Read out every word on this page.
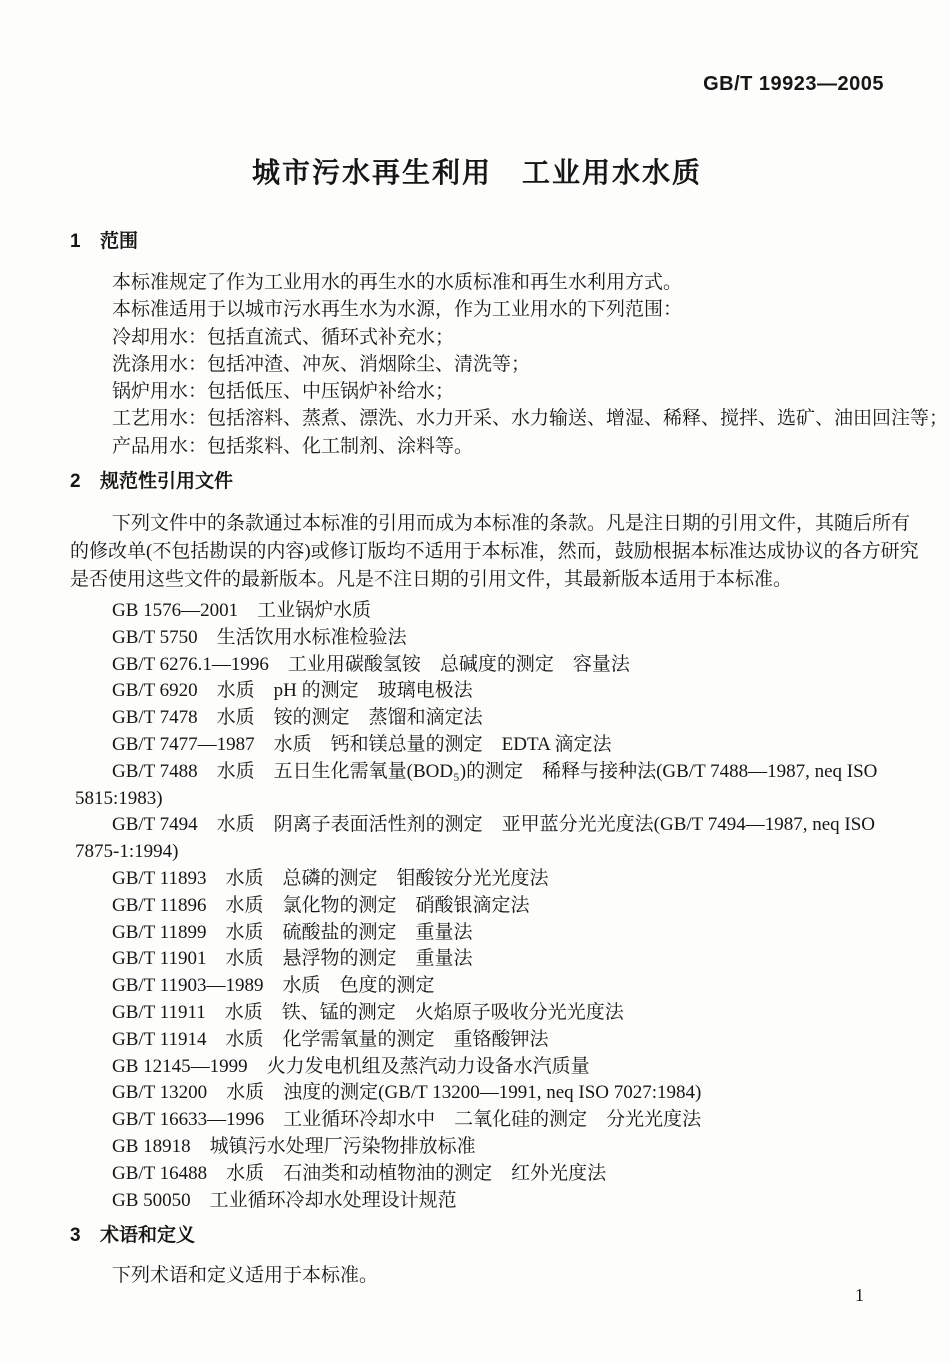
GB/T 19923—2005
城市污水再生利用　工业用水水质
1	范围
本标准规定了作为工业用水的再生水的水质标准和再生水利用方式。
本标准适用于以城市污水再生水为水源，作为工业用水的下列范围：
冷却用水：包括直流式、循环式补充水；
洗涤用水：包括冲渣、冲灰、消烟除尘、清洗等；
锅炉用水：包括低压、中压锅炉补给水；
工艺用水：包括溶料、蒸煮、漂洗、水力开采、水力输送、增湿、稀释、搅拌、选矿、油田回注等；
产品用水：包括浆料、化工制剂、涂料等。
2	规范性引用文件
下列文件中的条款通过本标准的引用而成为本标准的条款。凡是注日期的引用文件，其随后所有
的修改单(不包括勘误的内容)或修订版均不适用于本标准，然而，鼓励根据本标准达成协议的各方研究
是否使用这些文件的最新版本。凡是不注日期的引用文件，其最新版本适用于本标准。
GB 1576—2001　工业锅炉水质
GB/T 5750　生活饮用水标准检验法
GB/T 6276.1—1996　工业用碳酸氢铵　总碱度的测定　容量法
GB/T 6920　水质　pH 的测定　玻璃电极法
GB/T 7478　水质　铵的测定　蒸馏和滴定法
GB/T 7477—1987　水质　钙和镁总量的测定　EDTA 滴定法
GB/T 7488　水质　五日生化需氧量(BOD₅)的测定　稀释与接种法(GB/T 7488—1987, neq ISO
5815:1983)
GB/T 7494　水质　阴离子表面活性剂的测定　亚甲蓝分光光度法(GB/T 7494—1987, neq ISO
7875-1:1994)
GB/T 11893　水质　总磷的测定　钼酸铵分光光度法
GB/T 11896　水质　氯化物的测定　硝酸银滴定法
GB/T 11899　水质　硫酸盐的测定　重量法
GB/T 11901　水质　悬浮物的测定　重量法
GB/T 11903—1989　水质　色度的测定
GB/T 11911　水质　铁、锰的测定　火焰原子吸收分光光度法
GB/T 11914　水质　化学需氧量的测定　重铬酸钾法
GB 12145—1999　火力发电机组及蒸汽动力设备水汽质量
GB/T 13200　水质　浊度的测定(GB/T 13200—1991, neq ISO 7027:1984)
GB/T 16633—1996　工业循环冷却水中　二氧化硅的测定　分光光度法
GB 18918　城镇污水处理厂污染物排放标准
GB/T 16488　水质　石油类和动植物油的测定　红外光度法
GB 50050　工业循环冷却水处理设计规范
3	术语和定义
下列术语和定义适用于本标准。
1
